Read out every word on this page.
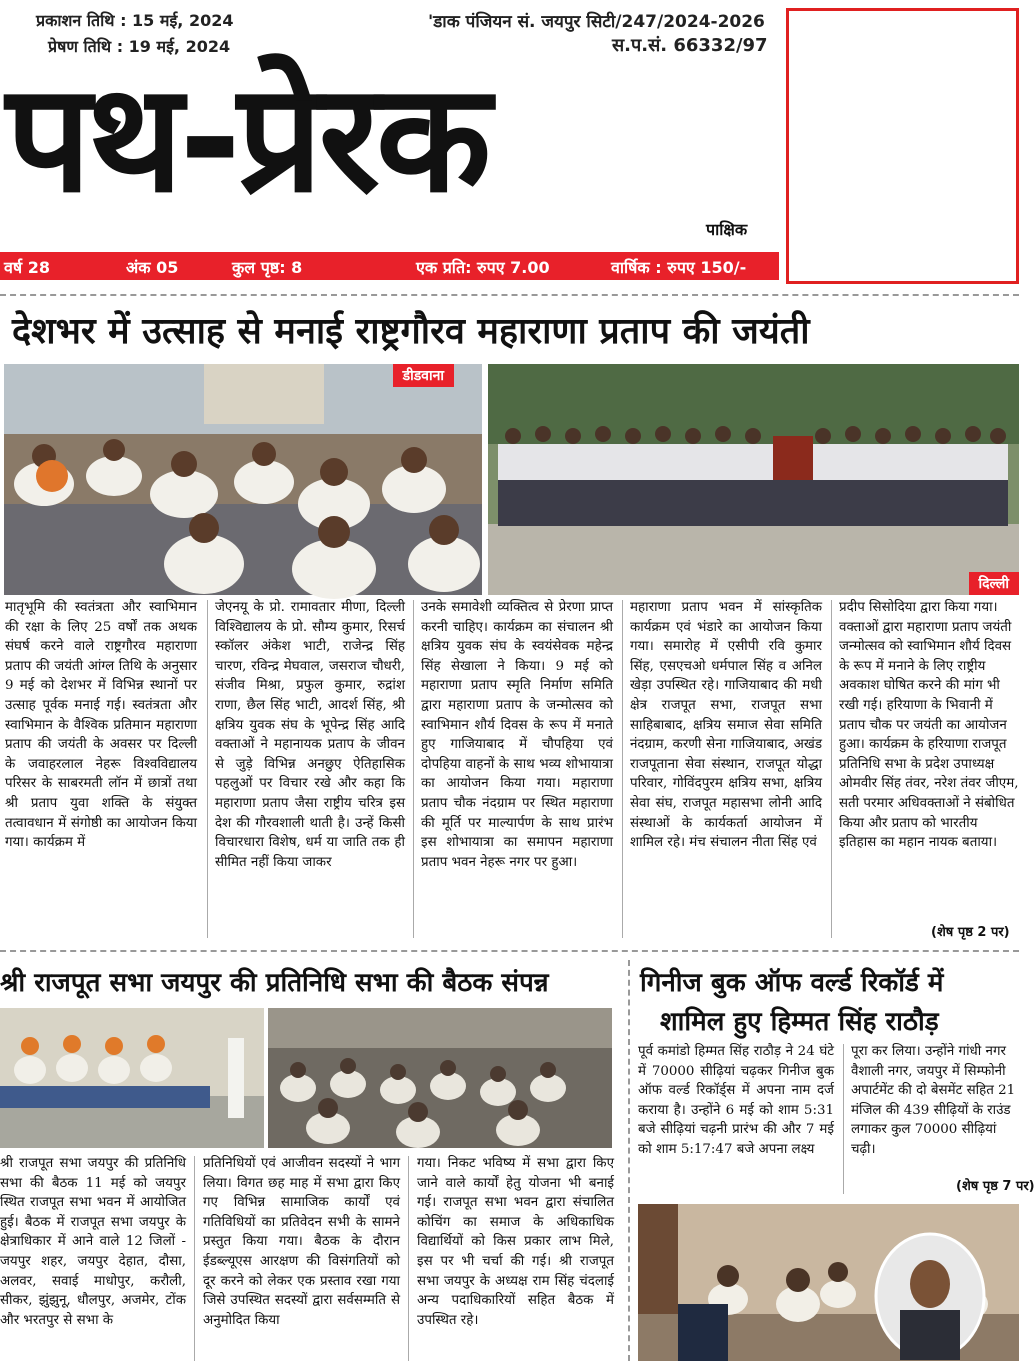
प्रकाशन तिथि : 15 मई, 2024
प्रेषण तिथि : 19 मई, 2024
'डाक पंजियन सं. जयपुर सिटी/247/2024-2026
स.प.सं. 66332/97
पथ-प्रेरक
पाक्षिक
वर्ष 28	अंक 05	कुल पृष्ठ: 8	एक प्रति: रुपए 7.00	वार्षिक : रुपए 150/-
देशभर में उत्साह से मनाई राष्ट्रगौरव महाराणा प्रताप की जयंती
डीडवाना
दिल्ली
मातृभूमि की स्वतंत्रता और स्वाभिमान की रक्षा के लिए 25 वर्षों तक अथक संघर्ष करने वाले राष्ट्रगौरव महाराणा प्रताप की जयंती आंग्ल तिथि के अनुसार 9 मई को देशभर में विभिन्न स्थानों पर उत्साह पूर्वक मनाई गई। स्वतंत्रता और स्वाभिमान के वैश्विक प्रतिमान महाराणा प्रताप की जयंती के अवसर पर दिल्ली के जवाहरलाल नेहरू विश्वविद्यालय परिसर के साबरमती लॉन में छात्रों तथा श्री प्रताप युवा शक्ति के संयुक्त तत्वावधान में संगोष्ठी का आयोजन किया गया। कार्यक्रम में
जेएनयू के प्रो. रामावतार मीणा, दिल्ली विश्विद्यालय के प्रो. सौम्य कुमार, रिसर्च स्कॉलर अंकेश भाटी, राजेन्द्र सिंह चारण, रविन्द्र मेघवाल, जसराज चौधरी, संजीव मिश्रा, प्रफुल कुमार, रुद्रांश राणा, छैल सिंह भाटी, आदर्श सिंह, श्री क्षत्रिय युवक संघ के भूपेन्द्र सिंह आदि वक्ताओं ने महानायक प्रताप के जीवन से जुड़े विभिन्न अनछुए ऐतिहासिक पहलुओं पर विचार रखे और कहा कि महाराणा प्रताप जैसा राष्ट्रीय चरित्र इस देश की गौरवशाली थाती है। उन्हें किसी विचारधारा विशेष, धर्म या जाति तक ही सीमित नहीं किया जाकर
उनके समावेशी व्यक्तित्व से प्रेरणा प्राप्त करनी चाहिए। कार्यक्रम का संचालन श्री क्षत्रिय युवक संघ के स्वयंसेवक महेन्द्र सिंह सेखाला ने किया। 9 मई को महाराणा प्रताप स्मृति निर्माण समिति द्वारा महाराणा प्रताप के जन्मोत्सव को स्वाभिमान शौर्य दिवस के रूप में मनाते हुए गाजियाबाद में चौपहिया एवं दोपहिया वाहनों के साथ भव्य शोभायात्रा का आयोजन किया गया। महाराणा प्रताप चौक नंदग्राम पर स्थित महाराणा की मूर्ति पर माल्यार्पण के साथ प्रारंभ इस शोभायात्रा का समापन महाराणा प्रताप भवन नेहरू नगर पर हुआ।
महाराणा प्रताप भवन में सांस्कृतिक कार्यक्रम एवं भंडारे का आयोजन किया गया। समारोह में एसीपी रवि कुमार सिंह, एसएचओ धर्मपाल सिंह व अनिल खेड़ा उपस्थित रहे। गाजियाबाद की मधी क्षेत्र राजपूत सभा, राजपूत सभा साहिबाबाद, क्षत्रिय समाज सेवा समिति नंदग्राम, करणी सेना गाजियाबाद, अखंड राजपूताना सेवा संस्थान, राजपूत योद्धा परिवार, गोविंदपुरम क्षत्रिय सभा, क्षत्रिय सेवा संघ, राजपूत महासभा लोनी आदि संस्थाओं के कार्यकर्ता आयोजन में शामिल रहे। मंच संचालन नीता सिंह एवं
प्रदीप सिसोदिया द्वारा किया गया। वक्ताओं द्वारा महाराणा प्रताप जयंती जन्मोत्सव को स्वाभिमान शौर्य दिवस के रूप में मनाने के लिए राष्ट्रीय अवकाश घोषित करने की मांग भी रखी गई। हरियाणा के भिवानी में प्रताप चौक पर जयंती का आयोजन हुआ। कार्यक्रम के हरियाणा राजपूत प्रतिनिधि सभा के प्रदेश उपाध्यक्ष ओमवीर सिंह तंवर, नरेश तंवर जीएम, सती परमार अधिवक्ताओं ने संबोधित किया और प्रताप को भारतीय इतिहास का महान नायक बताया।
(शेष पृष्ठ 2 पर)
श्री राजपूत सभा जयपुर की प्रतिनिधि सभा की बैठक संपन्न
श्री राजपूत सभा जयपुर की प्रतिनिधि सभा की बैठक 11 मई को जयपुर स्थित राजपूत सभा भवन में आयोजित हुई। बैठक में राजपूत सभा जयपुर के क्षेत्राधिकार में आने वाले 12 जिलों - जयपुर शहर, जयपुर देहात, दौसा, अलवर, सवाई माधोपुर, करौली, सीकर, झुंझुनू, धौलपुर, अजमेर, टोंक और भरतपुर से सभा के
प्रतिनिधियों एवं आजीवन सदस्यों ने भाग लिया। विगत छह माह में सभा द्वारा किए गए विभिन्न सामाजिक कार्यों एवं गतिविधियों का प्रतिवेदन सभी के सामने प्रस्तुत किया गया। बैठक के दौरान ईडब्ल्यूएस आरक्षण की विसंगतियों को दूर करने को लेकर एक प्रस्ताव रखा गया जिसे उपस्थित सदस्यों द्वारा सर्वसम्मति से अनुमोदित किया
गया। निकट भविष्य में सभा द्वारा किए जाने वाले कार्यों हेतु योजना भी बनाई गई। राजपूत सभा भवन द्वारा संचालित कोचिंग का समाज के अधिकाधिक विद्यार्थियों को किस प्रकार लाभ मिले, इस पर भी चर्चा की गई। श्री राजपूत सभा जयपुर के अध्यक्ष राम सिंह चंदलाई अन्य पदाधिकारियों सहित बैठक में उपस्थित रहे।
गिनीज बुक ऑफ वर्ल्ड रिकॉर्ड में
शामिल हुए हिम्मत सिंह राठौड़
पूर्व कमांडो हिम्मत सिंह राठौड़ ने 24 घंटे में 70000 सीढ़ियां चढ़कर गिनीज बुक ऑफ वर्ल्ड रिकॉर्ड्स में अपना नाम दर्ज कराया है। उन्होंने 6 मई को शाम 5:31 बजे सीढ़ियां चढ़नी प्रारंभ की और 7 मई को शाम 5:17:47 बजे अपना लक्ष्य
पूरा कर लिया। उन्होंने गांधी नगर वैशाली नगर, जयपुर में सिम्फोनी अपार्टमेंट की दो बेसमेंट सहित 21 मंजिल की 439 सीढ़ियों के राउंड लगाकर कुल 70000 सीढ़ियां चढ़ी।
(शेष पृष्ठ 7 पर)
